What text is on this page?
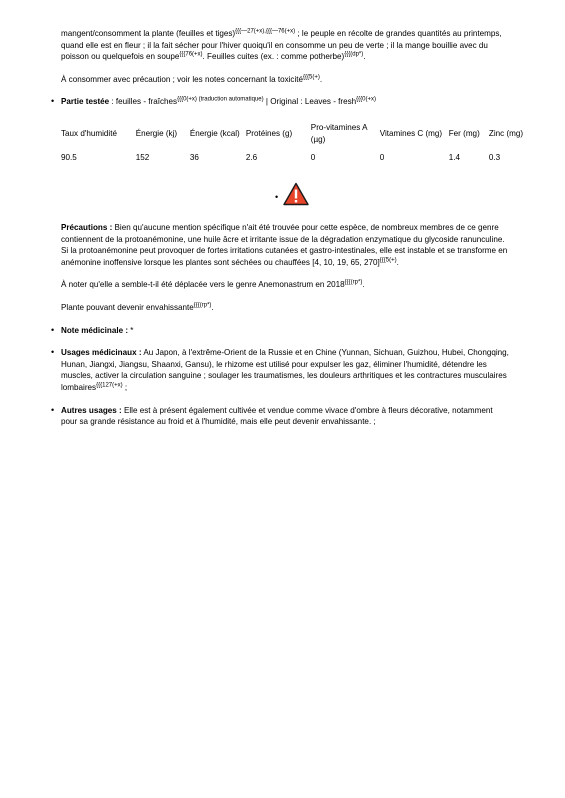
mangent/consomment la plante (feuilles et tiges)$^{\{\{\{—27(+x),\{\{\{—76(+x)}$ ; le peuple en récolte de grandes quantités au printemps, quand elle est en fleur ; il la fait sécher pour l'hiver quoiqu'il en consomme un peu de verte ; il la mange bouillie avec du poisson ou quelquefois en soupe$^{\{\{\{76(+x)}$. Feuilles cuites (ex. : comme potherbe)$^{\{\{\{(dp*)}$.

À consommer avec précaution ; voir les notes concernant la toxicité$^{\{\{\{5(+)}$.

• Partie testée : feuilles - fraîches$^{\{\{\{0(+x) (traduction automatique)}$ | Original : Leaves - fresh$^{\{\{\{0(+x)}$
Taux d'humidité	Énergie (kj)	Énergie (kcal)	Protéines (g)	Pro-vitamines A (µg)	Vitamines C (mg)	Fer (mg)	Zinc (mg)
90.5	152	36	2.6	0	0	1.4	0.3
•

Précautions : Bien qu'aucune mention spécifique n'ait été trouvée pour cette espèce, de nombreux membres de ce genre contiennent de la protoanémonine, une huile âcre et irritante issue de la dégradation enzymatique du glycoside ranunculine. Si la protoanémonine peut provoquer de fortes irritations cutanées et gastro-intestinales, elle est instable et se transforme en anémonine inoffensive lorsque les plantes sont séchées ou chauffées [4, 10, 19, 65, 270]$^{\{\{\{5(+)}$.

À noter qu'elle a semble-t-il été déplacée vers le genre Anemonastrum en $2018^{\{\{\{(rp*)}$.

Plante pouvant devenir envahissante$^{\{\{\{(rp*)}$.

• Note médicinale : *
• Usages médicinaux : Au Japon, à l'extrême-Orient de la Russie et en Chine (Yunnan, Sichuan, Guizhou, Hubei, Chongqing, Hunan, Jiangxi, Jiangsu, Shaanxi, Gansu), le rhizome est utilisé pour expulser les gaz, éliminer l'humidité, détendre les muscles, activer la circulation sanguine ; soulager les traumatismes, les douleurs arthritiques et les contractures musculaires lombaires$^{\{\{\{127(+x)}$ ;
• Autres usages : Elle est à présent également cultivée et vendue comme vivace d'ombre à fleurs décorative, notamment pour sa grande résistance au froid et à l'humidité, mais elle peut devenir envahissante. ;
